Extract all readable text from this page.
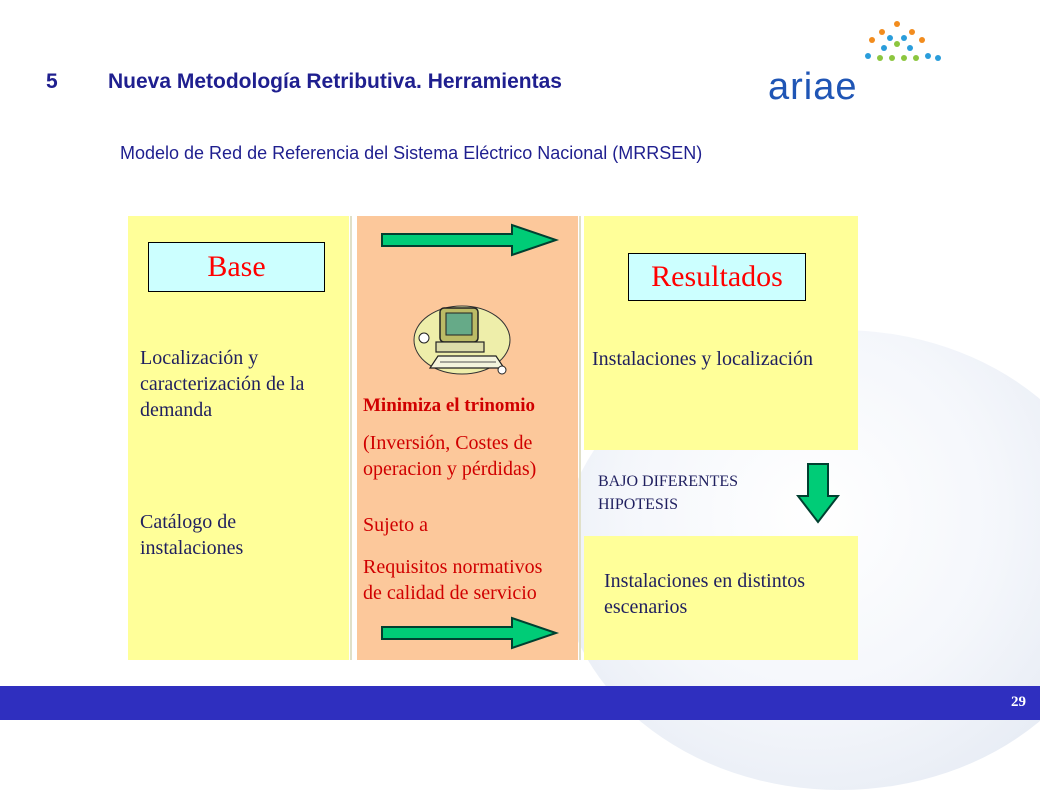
5 Nueva Metodología Retributiva. Herramientas	ariae
Modelo de Red de Referencia del Sistema Eléctrico Nacional (MRRSEN)
Base
Localización y
caracterización de la
demanda
Catálogo de
instalaciones
Minimiza el trinomio
(Inversión, Costes de
operacion y pérdidas)
Sujeto a
Requisitos normativos
de calidad de servicio
Resultados
Instalaciones y localización
BAJO DIFERENTES
HIPOTESIS
Instalaciones en distintos
escenarios
29
